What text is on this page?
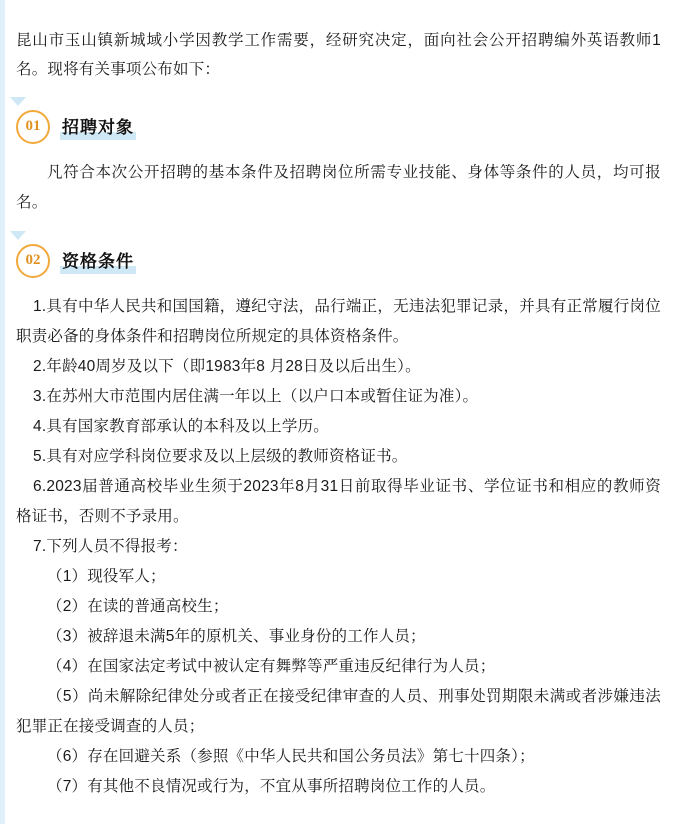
昆山市玉山镇新城域小学因教学工作需要，经研究决定，面向社会公开招聘编外英语教师1名。现将有关事项公布如下：

01	招聘对象

凡符合本次公开招聘的基本条件及招聘岗位所需专业技能、身体等条件的人员，均可报名。

02	资格条件

1.具有中华人民共和国国籍，遵纪守法，品行端正，无违法犯罪记录，并具有正常履行岗位职责必备的身体条件和招聘岗位所规定的具体资格条件。

2.年龄40周岁及以下（即1983年8 月28日及以后出生）。

3.在苏州大市范围内居住满一年以上（以户口本或暂住证为准）。

4.具有国家教育部承认的本科及以上学历。

5.具有对应学科岗位要求及以上层级的教师资格证书。

6.2023届普通高校毕业生须于2023年8月31日前取得毕业证书、学位证书和相应的教师资格证书，否则不予录用。

7.下列人员不得报考：

（1）现役军人；

（2）在读的普通高校生；

（3）被辞退未满5年的原机关、事业身份的工作人员；

（4）在国家法定考试中被认定有舞弊等严重违反纪律行为人员；

（5）尚未解除纪律处分或者正在接受纪律审查的人员、刑事处罚期限未满或者涉嫌违法犯罪正在接受调查的人员；

（6）存在回避关系（参照《中华人民共和国公务员法》第七十四条）；

（7）有其他不良情况或行为，不宜从事所招聘岗位工作的人员。
